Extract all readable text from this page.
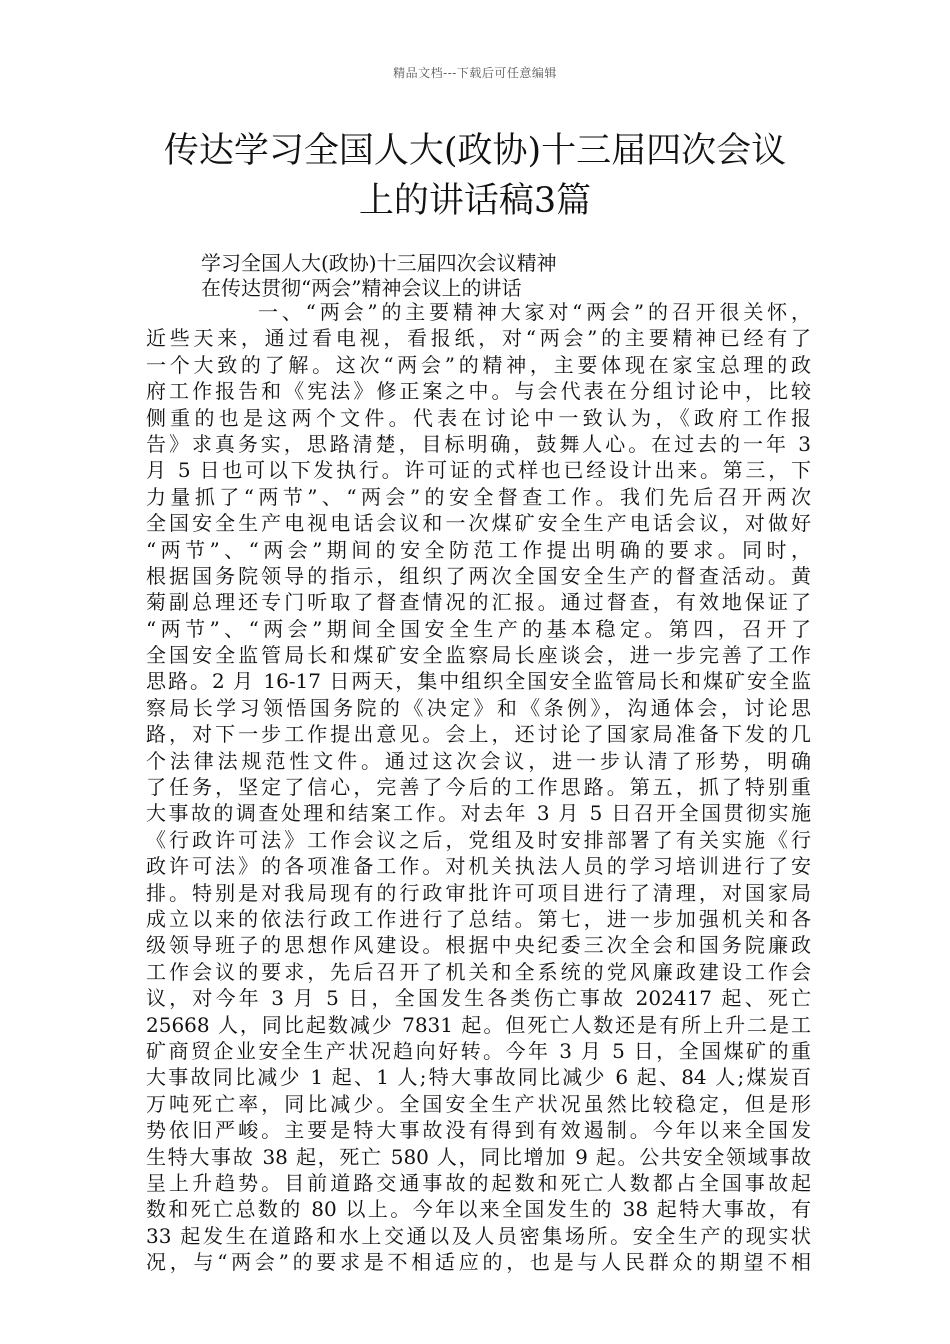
精品文档---下载后可任意编辑
传达学习全国人大(政协)十三届四次会议
上的讲话稿3篇

学习全国人大(政协)十三届四次会议精神

在传达贯彻“两会”精神会议上的讲话

一、“两会”的主要精神大家对“两会”的召开很关怀，
近些天来，通过看电视，看报纸，对“两会”的主要精神已经有了
一个大致的了解。这次“两会”的精神，主要体现在家宝总理的政
府工作报告和《宪法》修正案之中。与会代表在分组讨论中，比较
侧重的也是这两个文件。代表在讨论中一致认为，《政府工作报
告》求真务实，思路清楚，目标明确，鼓舞人心。在过去的一年 3
月 5 日也可以下发执行。许可证的式样也已经设计出来。第三，下
力量抓了“两节”、“两会”的安全督查工作。我们先后召开两次
全国安全生产电视电话会议和一次煤矿安全生产电话会议，对做好
“两节”、“两会”期间的安全防范工作提出明确的要求。同时，
根据国务院领导的指示，组织了两次全国安全生产的督查活动。黄
菊副总理还专门听取了督查情况的汇报。通过督查，有效地保证了
“两节”、“两会”期间全国安全生产的基本稳定。第四，召开了
全国安全监管局长和煤矿安全监察局长座谈会，进一步完善了工作
思路。2 月 16-17 日两天，集中组织全国安全监管局长和煤矿安全监
察局长学习领悟国务院的《决定》和《条例》，沟通体会，讨论思
路，对下一步工作提出意见。会上，还讨论了国家局准备下发的几
个法律法规范性文件。通过这次会议，进一步认清了形势，明确
了任务，坚定了信心，完善了今后的工作思路。第五，抓了特别重
大事故的调查处理和结案工作。对去年 3 月 5 日召开全国贯彻实施
《行政许可法》工作会议之后，党组及时安排部署了有关实施《行
政许可法》的各项准备工作。对机关执法人员的学习培训进行了安
排。特别是对我局现有的行政审批许可项目进行了清理，对国家局
成立以来的依法行政工作进行了总结。第七，进一步加强机关和各
级领导班子的思想作风建设。根据中央纪委三次全会和国务院廉政
工作会议的要求，先后召开了机关和全系统的党风廉政建设工作会
议，对今年 3 月 5 日，全国发生各类伤亡事故 202417 起、死亡
25668 人，同比起数减少 7831 起。但死亡人数还是有所上升二是工
矿商贸企业安全生产状况趋向好转。今年 3 月 5 日，全国煤矿的重
大事故同比减少 1 起、1 人;特大事故同比减少 6 起、84 人;煤炭百
万吨死亡率，同比减少。全国安全生产状况虽然比较稳定，但是形
势依旧严峻。主要是特大事故没有得到有效遏制。今年以来全国发
生特大事故 38 起，死亡 580 人，同比增加 9 起。公共安全领域事故
呈上升趋势。目前道路交通事故的起数和死亡人数都占全国事故起
数和死亡总数的 80 以上。今年以来全国发生的 38 起特大事故，有
33 起发生在道路和水上交通以及人员密集场所。安全生产的现实状
况，与“两会”的要求是不相适应的，也是与人民群众的期望不相
